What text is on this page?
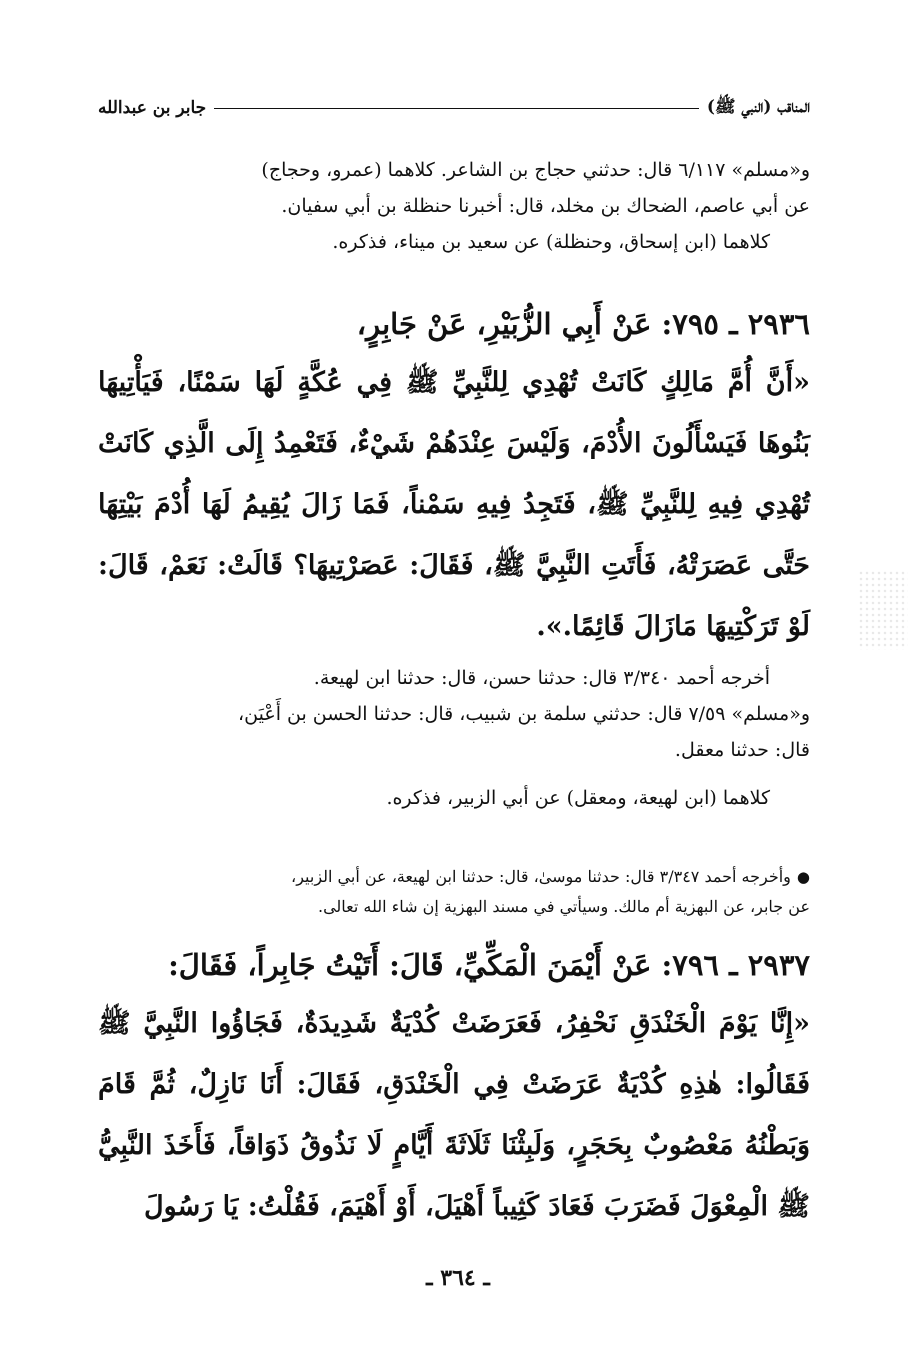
المناقب (النبي ﷺ)
جابر بن عبدالله

و«مسلم» ٦/١١٧ قال: حدثني حجاج بن الشاعر. كلاهما (عمرو، وحجاج)

عن أبي عاصم، الضحاك بن مخلد، قال: أخبرنا حنظلة بن أبي سفيان.

كلاهما (ابن إسحاق، وحنظلة) عن سعيد بن ميناء، فذكره.

٢٩٣٦ ـ ٧٩٥: عَنْ أَبِي الزُّبَيْرِ، عَنْ جَابِرٍ،
«أَنَّ أُمَّ مَالِكٍ كَانَتْ تُهْدِي لِلنَّبِيِّ ﷺ فِي عُكَّةٍ لَهَا سَمْنًا، فَيَأْتِيهَا بَنُوهَا فَيَسْأَلُونَ الأُدْمَ، وَلَيْسَ عِنْدَهُمْ شَيْءٌ، فَتَعْمِدُ إِلَى الَّذِي كَانَتْ تُهْدِي فِيهِ لِلنَّبِيِّ ﷺ، فَتَجِدُ فِيهِ سَمْناً، فَمَا زَالَ يُقِيمُ لَهَا أُدْمَ بَيْتِهَا حَتَّى عَصَرَتْهُ، فَأَتَتِ النَّبِيَّ ﷺ، فَقَالَ: عَصَرْتِيهَا؟ قَالَتْ: نَعَمْ، قَالَ: لَوْ تَرَكْتِيهَا مَازَالَ قَائِمًا.».

أخرجه أحمد ٣/٣٤٠ قال: حدثنا حسن، قال: حدثنا ابن لهيعة.

و«مسلم» ٧/٥٩ قال: حدثني سلمة بن شبيب، قال: حدثنا الحسن بن أَعْيَن،

قال: حدثنا معقل.

كلاهما (ابن لهيعة، ومعقل) عن أبي الزبير، فذكره.

●وأخرجه أحمد ٣/٣٤٧ قال: حدثنا موسىٰ، قال: حدثنا ابن لهيعة، عن أبي الزبير،

عن جابر، عن البهزية أم مالك. وسيأتي في مسند البهزية إن شاء الله تعالى.

٢٩٣٧ ـ ٧٩٦: عَنْ أَيْمَنَ الْمَكِّيِّ، قَالَ: أَتَيْتُ جَابِراً، فَقَالَ:
«إِنَّا يَوْمَ الْخَنْدَقِ نَحْفِرُ، فَعَرَضَتْ كُدْيَةٌ شَدِيدَةٌ، فَجَاؤُوا النَّبِيَّ ﷺ فَقَالُوا: هٰذِهِ كُدْيَةٌ عَرَضَتْ فِي الْخَنْدَقِ، فَقَالَ: أَنَا نَازِلٌ، ثُمَّ قَامَ وَبَطْنُهُ مَعْصُوبٌ بِحَجَرٍ، وَلَبِثْنَا ثَلَاثَةَ أَيَّامٍ لَا نَذُوقُ ذَوَاقاً، فَأَخَذَ النَّبِيُّ ﷺ الْمِعْوَلَ فَضَرَبَ فَعَادَ كَثِيباً أَهْيَلَ، أَوْ أَهْيَمَ، فَقُلْتُ: يَا رَسُولَ
ـ ٣٦٤ ـ
